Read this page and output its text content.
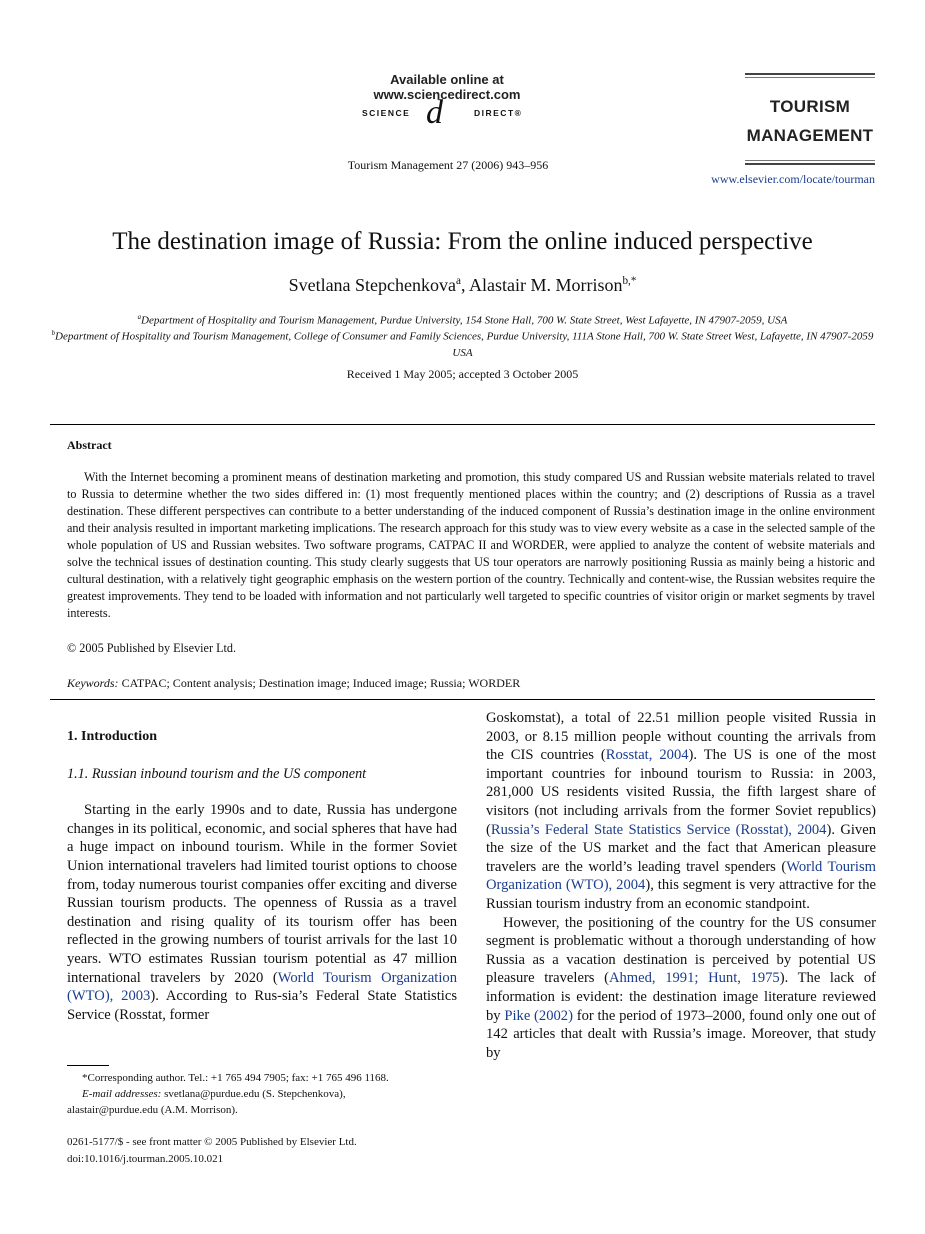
Available online at www.sciencedirect.com
SCIENCE d	DIRECT®
Tourism Management 27 (2006) 943–956
TOURISM
MANAGEMENT
www.elsevier.com/locate/tourman
The destination image of Russia: From the online induced perspective
Svetlana Stepchenkova$^a$, Alastair M. Morrison$^{b,*}$
$^a$Department of Hospitality and Tourism Management, Purdue University, 154 Stone Hall, 700 W. State Street, West Lafayette, IN 47907-2059, USA
$^b$Department of Hospitality and Tourism Management, College of Consumer and Family Sciences, Purdue University, 111A Stone Hall, 700 W. State Street West, Lafayette, IN 47907-2059 USA
Received 1 May 2005; accepted 3 October 2005
Abstract

With the Internet becoming a prominent means of destination marketing and promotion, this study compared US and Russian website materials related to travel to Russia to determine whether the two sides differed in: (1) most frequently mentioned places within the country; and (2) descriptions of Russia as a travel destination. These different perspectives can contribute to a better understanding of the induced component of Russia’s destination image in the online environment and their analysis resulted in important marketing implications. The research approach for this study was to view every website as a case in the selected sample of the whole population of US and Russian websites. Two software programs, CATPAC II and WORDER, were applied to analyze the content of website materials and solve the technical issues of destination counting. This study clearly suggests that US tour operators are narrowly positioning Russia as mainly being a historic and cultural destination, with a relatively tight geographic emphasis on the western portion of the country. Technically and content-wise, the Russian websites require the greatest improvements. They tend to be loaded with information and not particularly well targeted to specific countries of visitor origin or market segments by travel interests.

© 2005 Published by Elsevier Ltd.
Keywords: CATPAC; Content analysis; Destination image; Induced image; Russia; WORDER
1. Introduction
1.1. Russian inbound tourism and the US component

Starting in the early 1990s and to date, Russia has undergone changes in its political, economic, and social spheres that have had a huge impact on inbound tourism. While in the former Soviet Union international travelers had limited tourist options to choose from, today numerous tourist companies offer exciting and diverse Russian tourism products. The openness of Russia as a travel destination and rising quality of its tourism offer has been reflected in the growing numbers of tourist arrivals for the last 10 years. WTO estimates Russian tourism potential as 47 million international travelers by 2020 (World Tourism Organization (WTO), 2003). According to Rus-sia’s Federal State Statistics Service (Rosstat, former

Goskomstat), a total of 22.51 million people visited Russia in 2003, or 8.15 million people without counting the arrivals from the CIS countries (Rosstat, 2004). The US is one of the most important countries for inbound tourism to Russia: in 2003, 281,000 US residents visited Russia, the fifth largest share of visitors (not including arrivals from the former Soviet republics) (Russia’s Federal State Statistics Service (Rosstat), 2004). Given the size of the US market and the fact that American pleasure travelers are the world’s leading travel spenders (World Tourism Organization (WTO), 2004), this segment is very attractive for the Russian tourism industry from an economic standpoint.

However, the positioning of the country for the US consumer segment is problematic without a thorough understanding of how Russia as a vacation destination is perceived by potential US pleasure travelers (Ahmed, 1991; Hunt, 1975). The lack of information is evident: the destination image literature reviewed by Pike (2002) for the period of 1973–2000, found only one out of 142 articles that dealt with Russia’s image. Moreover, that study by

*Corresponding author. Tel.: +1 765 494 7905; fax: +1 765 496 1168.
E-mail addresses: svetlana@purdue.edu (S. Stepchenkova),
alastair@purdue.edu (A.M. Morrison).
0261-5177/$ - see front matter © 2005 Published by Elsevier Ltd.
doi:10.1016/j.tourman.2005.10.021
